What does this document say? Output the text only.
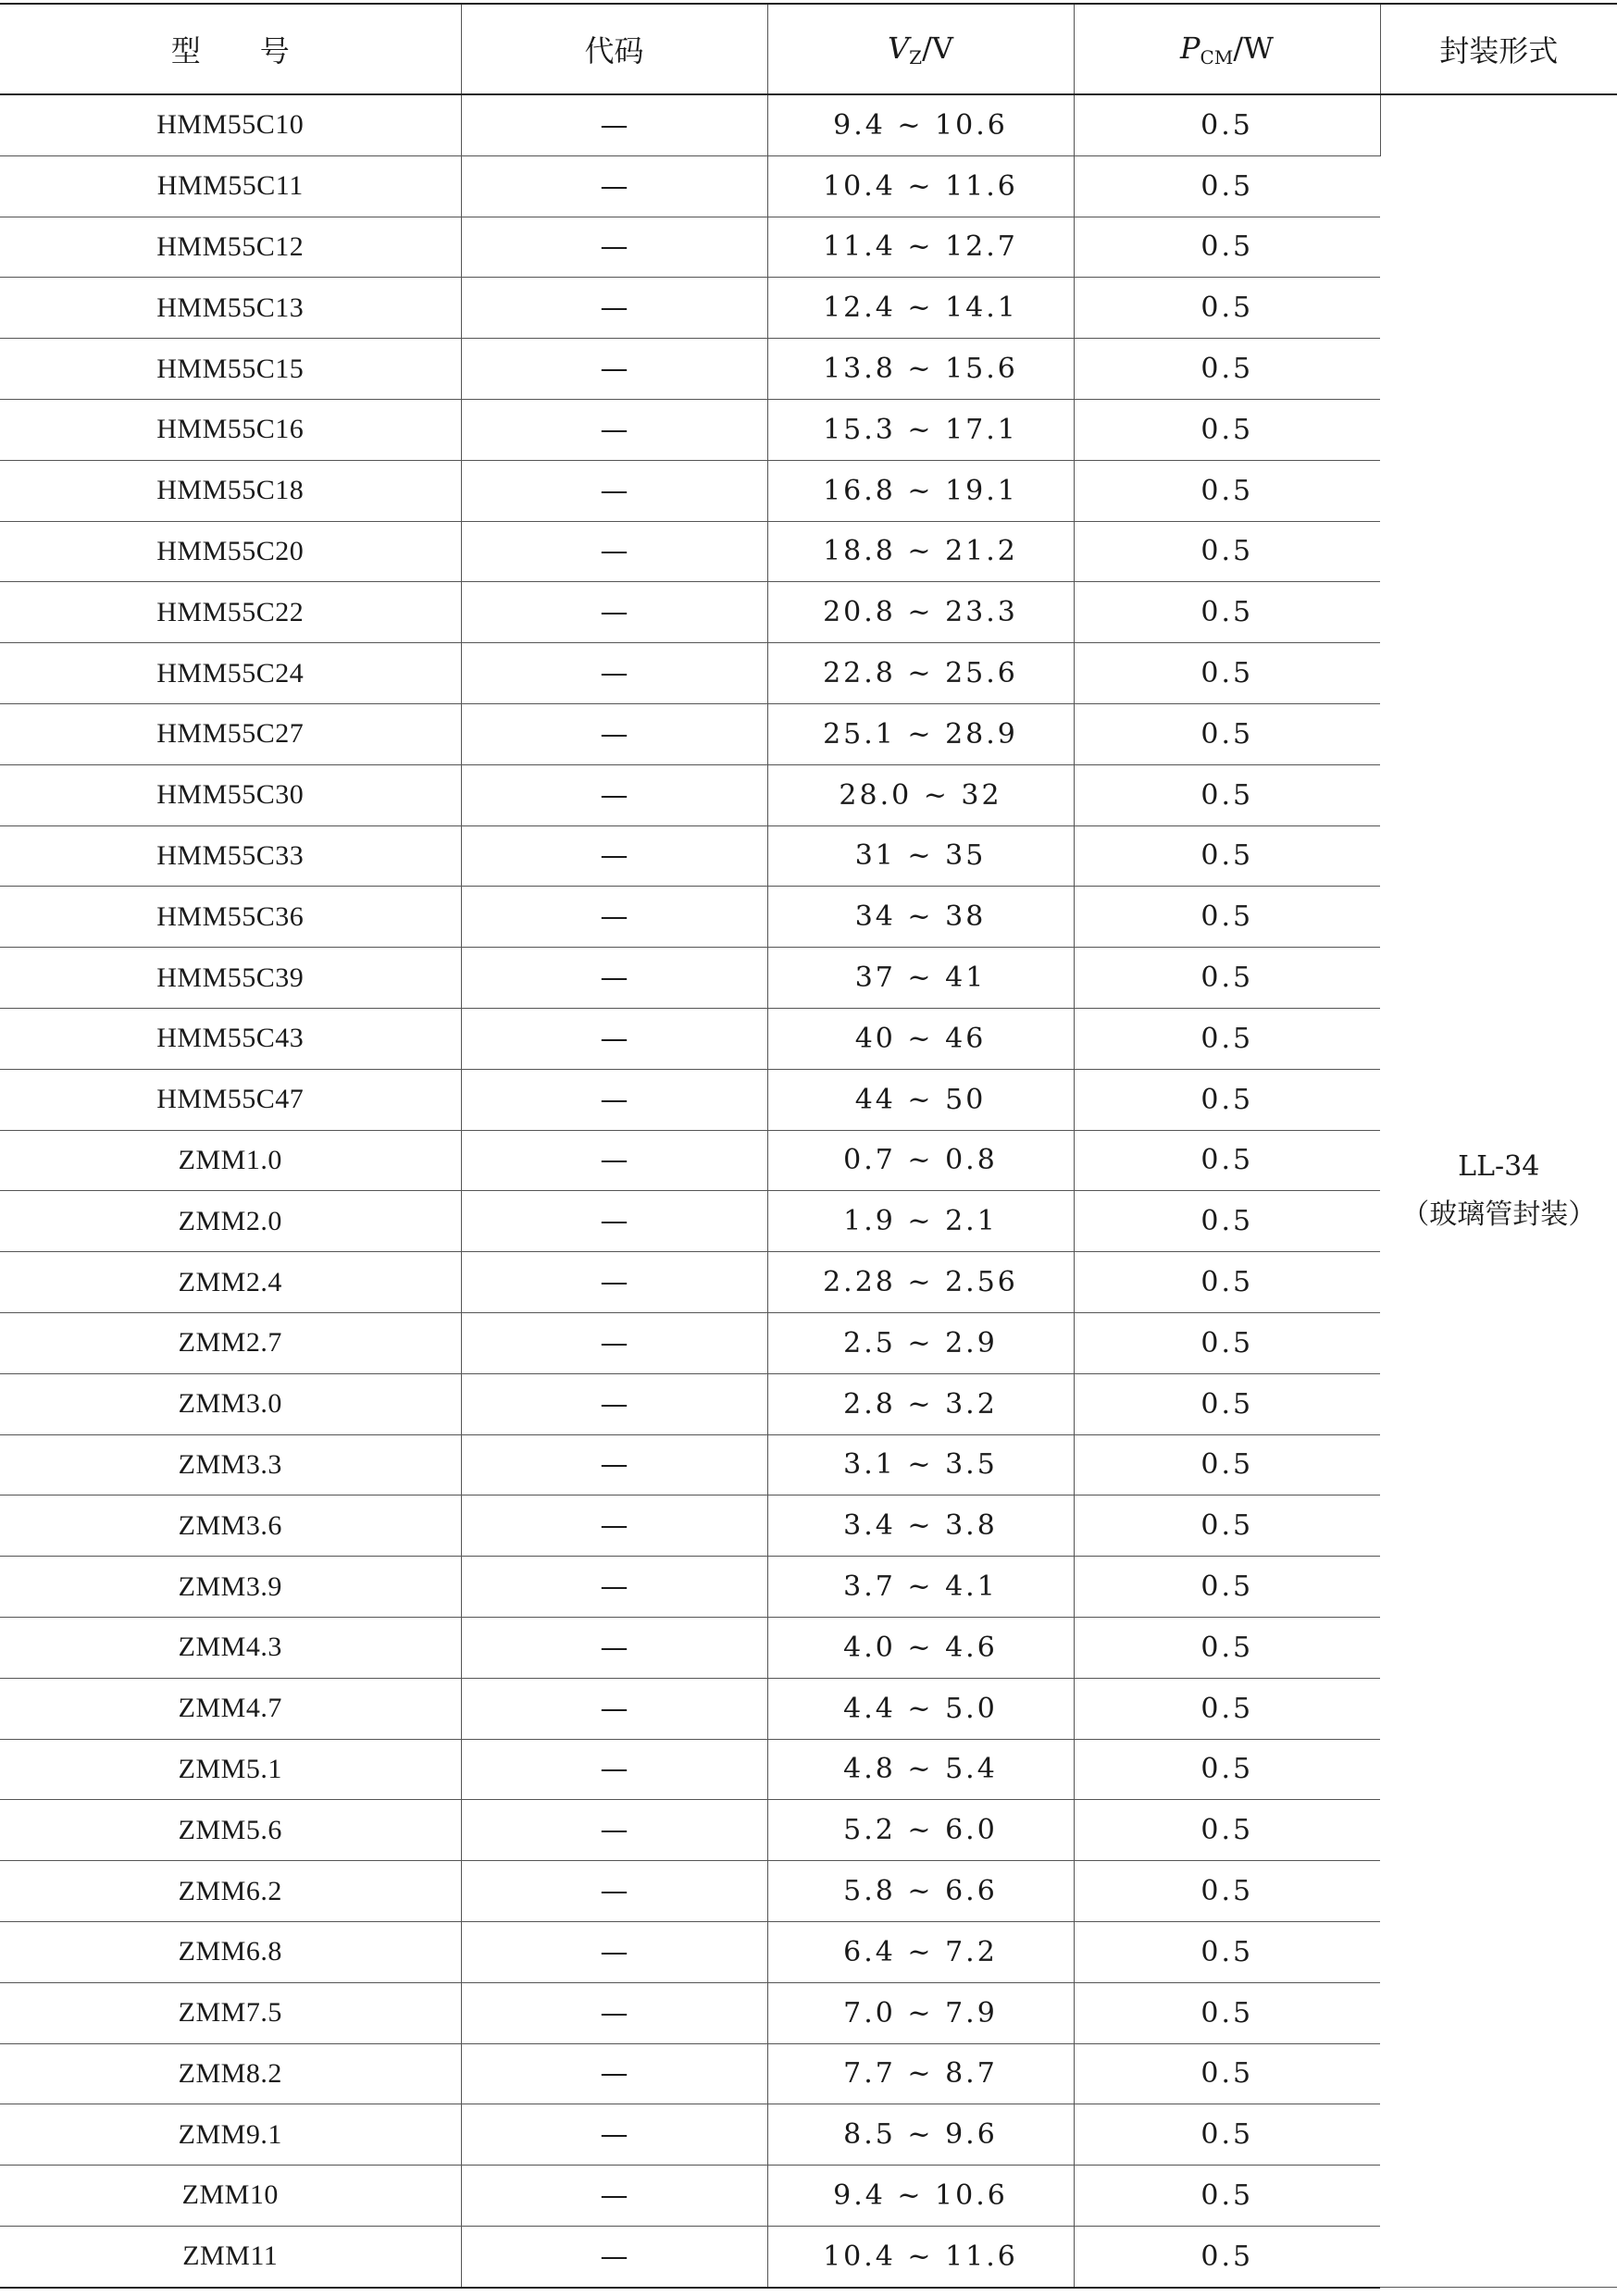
型　　号	代码	VZ/V	PCM/W	封装形式
HMM55C10	—	9.4 ~ 10.6	0.5	LL-34
（玻璃管封装）

HMM55C11	—	10.4 ~ 11.6	0.5	
HMM55C12	—	11.4 ~ 12.7	0.5	
HMM55C13	—	12.4 ~ 14.1	0.5	
HMM55C15	—	13.8 ~ 15.6	0.5	
HMM55C16	—	15.3 ~ 17.1	0.5	
HMM55C18	—	16.8 ~ 19.1	0.5	
HMM55C20	—	18.8 ~ 21.2	0.5	
HMM55C22	—	20.8 ~ 23.3	0.5	
HMM55C24	—	22.8 ~ 25.6	0.5	
HMM55C27	—	25.1 ~ 28.9	0.5	
HMM55C30	—	28.0 ~ 32	0.5	
HMM55C33	—	31 ~ 35	0.5	
HMM55C36	—	34 ~ 38	0.5	
HMM55C39	—	37 ~ 41	0.5	
HMM55C43	—	40 ~ 46	0.5	
HMM55C47	—	44 ~ 50	0.5	
ZMM1.0	—	0.7 ~ 0.8	0.5	
ZMM2.0	—	1.9 ~ 2.1	0.5	
ZMM2.4	—	2.28 ~ 2.56	0.5	
ZMM2.7	—	2.5 ~ 2.9	0.5	
ZMM3.0	—	2.8 ~ 3.2	0.5	
ZMM3.3	—	3.1 ~ 3.5	0.5	
ZMM3.6	—	3.4 ~ 3.8	0.5	
ZMM3.9	—	3.7 ~ 4.1	0.5	
ZMM4.3	—	4.0 ~ 4.6	0.5	
ZMM4.7	—	4.4 ~ 5.0	0.5	
ZMM5.1	—	4.8 ~ 5.4	0.5	
ZMM5.6	—	5.2 ~ 6.0	0.5	
ZMM6.2	—	5.8 ~ 6.6	0.5	
ZMM6.8	—	6.4 ~ 7.2	0.5	
ZMM7.5	—	7.0 ~ 7.9	0.5	
ZMM8.2	—	7.7 ~ 8.7	0.5	
ZMM9.1	—	8.5 ~ 9.6	0.5	
ZMM10	—	9.4 ~ 10.6	0.5	
ZMM11	—	10.4 ~ 11.6	0.5	
